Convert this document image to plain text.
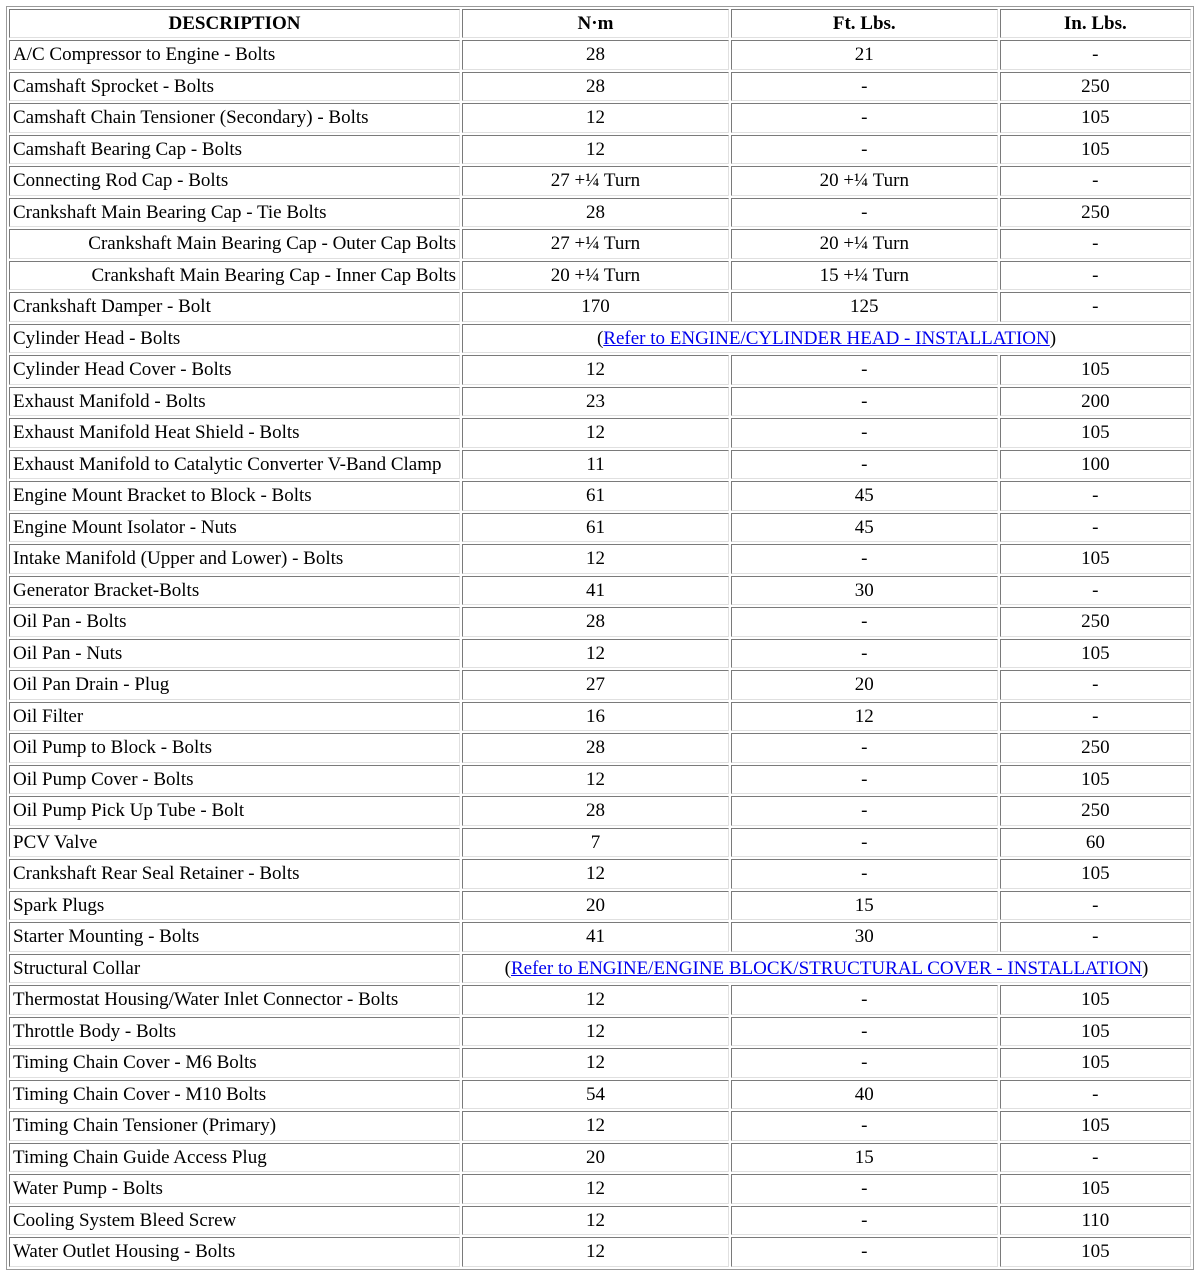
DESCRIPTION	N·m	Ft. Lbs.	In. Lbs.
A/C Compressor to Engine - Bolts	28	21	-
Camshaft Sprocket - Bolts	28	-	250
Camshaft Chain Tensioner (Secondary) - Bolts	12	-	105
Camshaft Bearing Cap - Bolts	12	-	105
Connecting Rod Cap - Bolts	27 +¼ Turn	20 +¼ Turn	-
Crankshaft Main Bearing Cap - Tie Bolts	28	-	250
Crankshaft Main Bearing Cap - Outer Cap Bolts	27 +¼ Turn	20 +¼ Turn	-
Crankshaft Main Bearing Cap - Inner Cap Bolts	20 +¼ Turn	15 +¼ Turn	-
Crankshaft Damper - Bolt	170	125	-
Cylinder Head - Bolts	(Refer to ENGINE/CYLINDER HEAD - INSTALLATION)		
Cylinder Head Cover - Bolts	12	-	105
Exhaust Manifold - Bolts	23	-	200
Exhaust Manifold Heat Shield - Bolts	12	-	105
Exhaust Manifold to Catalytic Converter V-Band Clamp	11	-	100
Engine Mount Bracket to Block - Bolts	61	45	-
Engine Mount Isolator - Nuts	61	45	-
Intake Manifold (Upper and Lower) - Bolts	12	-	105
Generator Bracket-Bolts	41	30	-
Oil Pan - Bolts	28	-	250
Oil Pan - Nuts	12	-	105
Oil Pan Drain - Plug	27	20	-
Oil Filter	16	12	-
Oil Pump to Block - Bolts	28	-	250
Oil Pump Cover - Bolts	12	-	105
Oil Pump Pick Up Tube - Bolt	28	-	250
PCV Valve	7	-	60
Crankshaft Rear Seal Retainer - Bolts	12	-	105
Spark Plugs	20	15	-
Starter Mounting - Bolts	41	30	-
Structural Collar	(Refer to ENGINE/ENGINE BLOCK/STRUCTURAL COVER - INSTALLATION)		
Thermostat Housing/Water Inlet Connector - Bolts	12	-	105
Throttle Body - Bolts	12	-	105
Timing Chain Cover - M6 Bolts	12	-	105
Timing Chain Cover - M10 Bolts	54	40	-
Timing Chain Tensioner (Primary)	12	-	105
Timing Chain Guide Access Plug	20	15	-
Water Pump - Bolts	12	-	105
Cooling System Bleed Screw	12	-	110
Water Outlet Housing - Bolts	12	-	105
